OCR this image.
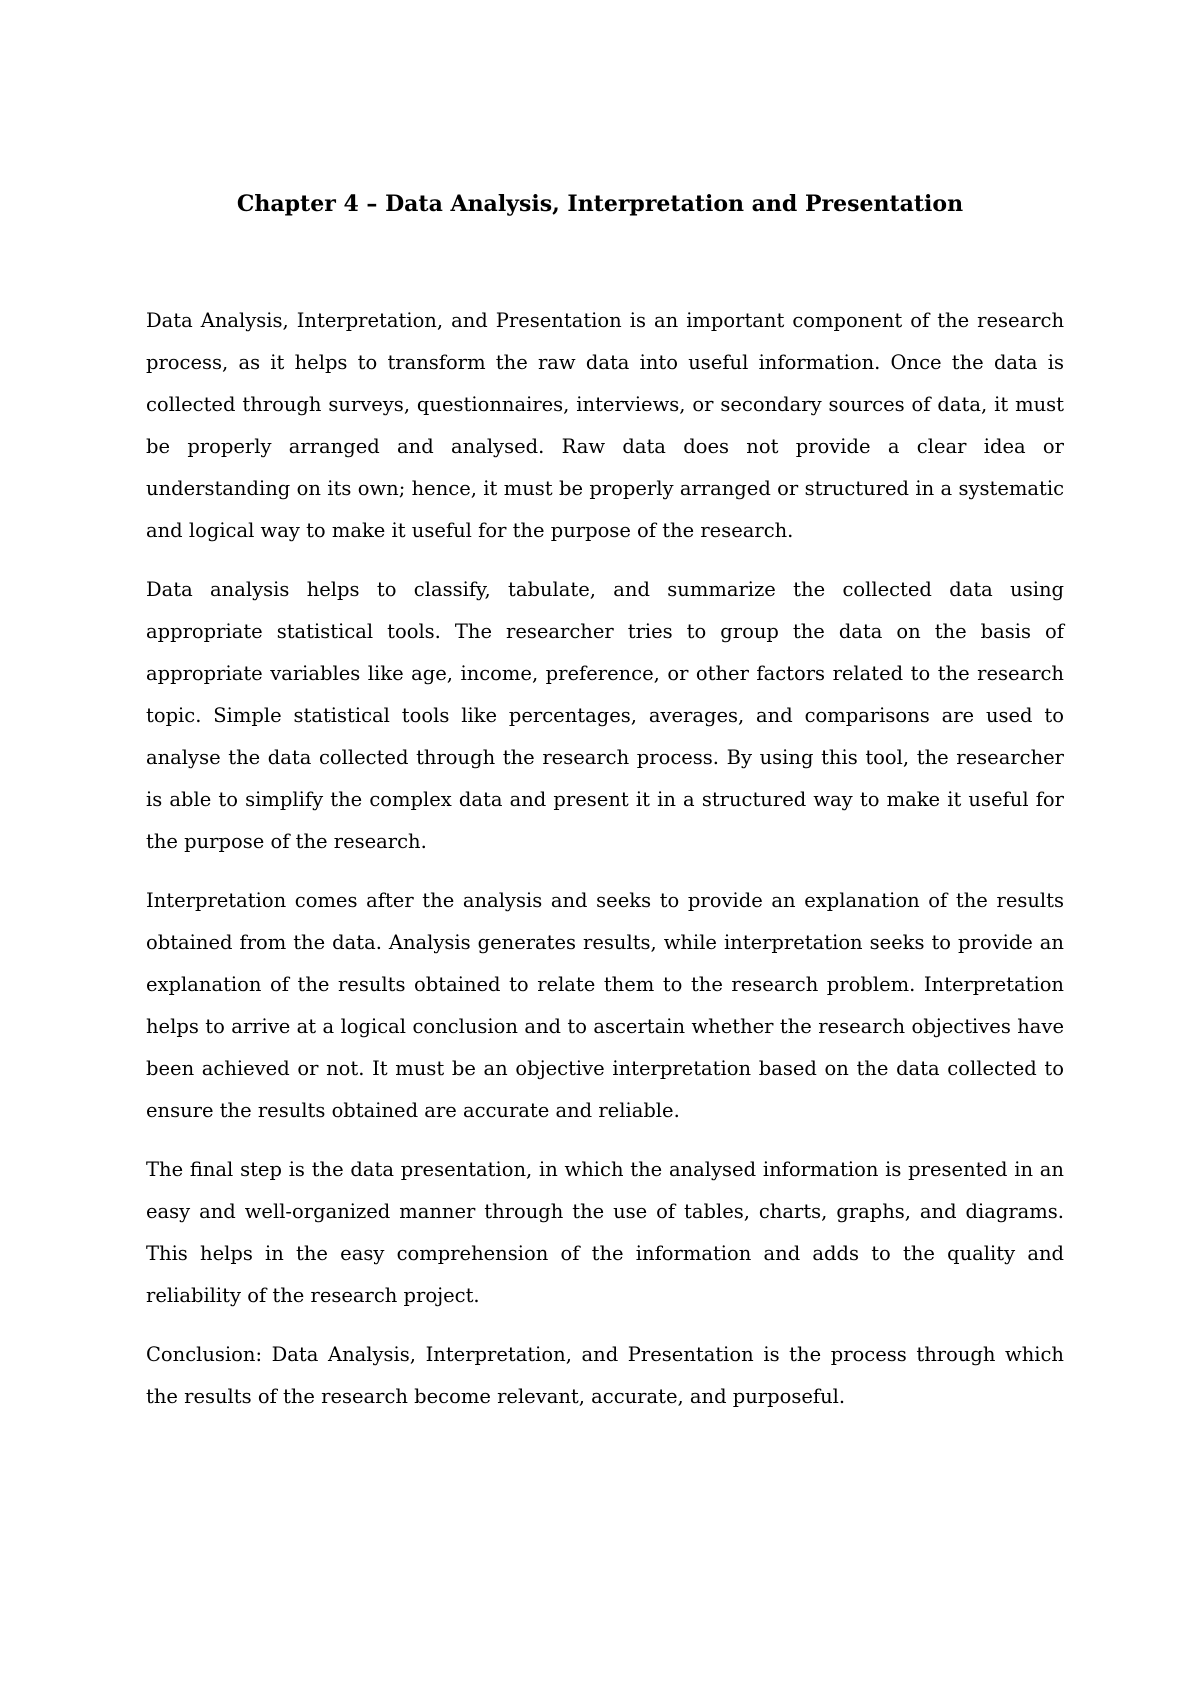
Chapter 4 – Data Analysis, Interpretation and Presentation

Data Analysis, Interpretation, and Presentation is an important component of the research process, as it helps to transform the raw data into useful information. Once the data is collected through surveys, questionnaires, interviews, or secondary sources of data, it must be properly arranged and analysed. Raw data does not provide a clear idea or understanding on its own; hence, it must be properly arranged or structured in a systematic and logical way to make it useful for the purpose of the research.

Data analysis helps to classify, tabulate, and summarize the collected data using appropriate statistical tools. The researcher tries to group the data on the basis of appropriate variables like age, income, preference, or other factors related to the research topic. Simple statistical tools like percentages, averages, and comparisons are used to analyse the data collected through the research process. By using this tool, the researcher is able to simplify the complex data and present it in a structured way to make it useful for the purpose of the research.

Interpretation comes after the analysis and seeks to provide an explanation of the results obtained from the data. Analysis generates results, while interpretation seeks to provide an explanation of the results obtained to relate them to the research problem. Interpretation helps to arrive at a logical conclusion and to ascertain whether the research objectives have been achieved or not. It must be an objective interpretation based on the data collected to ensure the results obtained are accurate and reliable.

The final step is the data presentation, in which the analysed information is presented in an easy and well-organized manner through the use of tables, charts, graphs, and diagrams. This helps in the easy comprehension of the information and adds to the quality and reliability of the research project.

Conclusion: Data Analysis, Interpretation, and Presentation is the process through which the results of the research become relevant, accurate, and purposeful.
